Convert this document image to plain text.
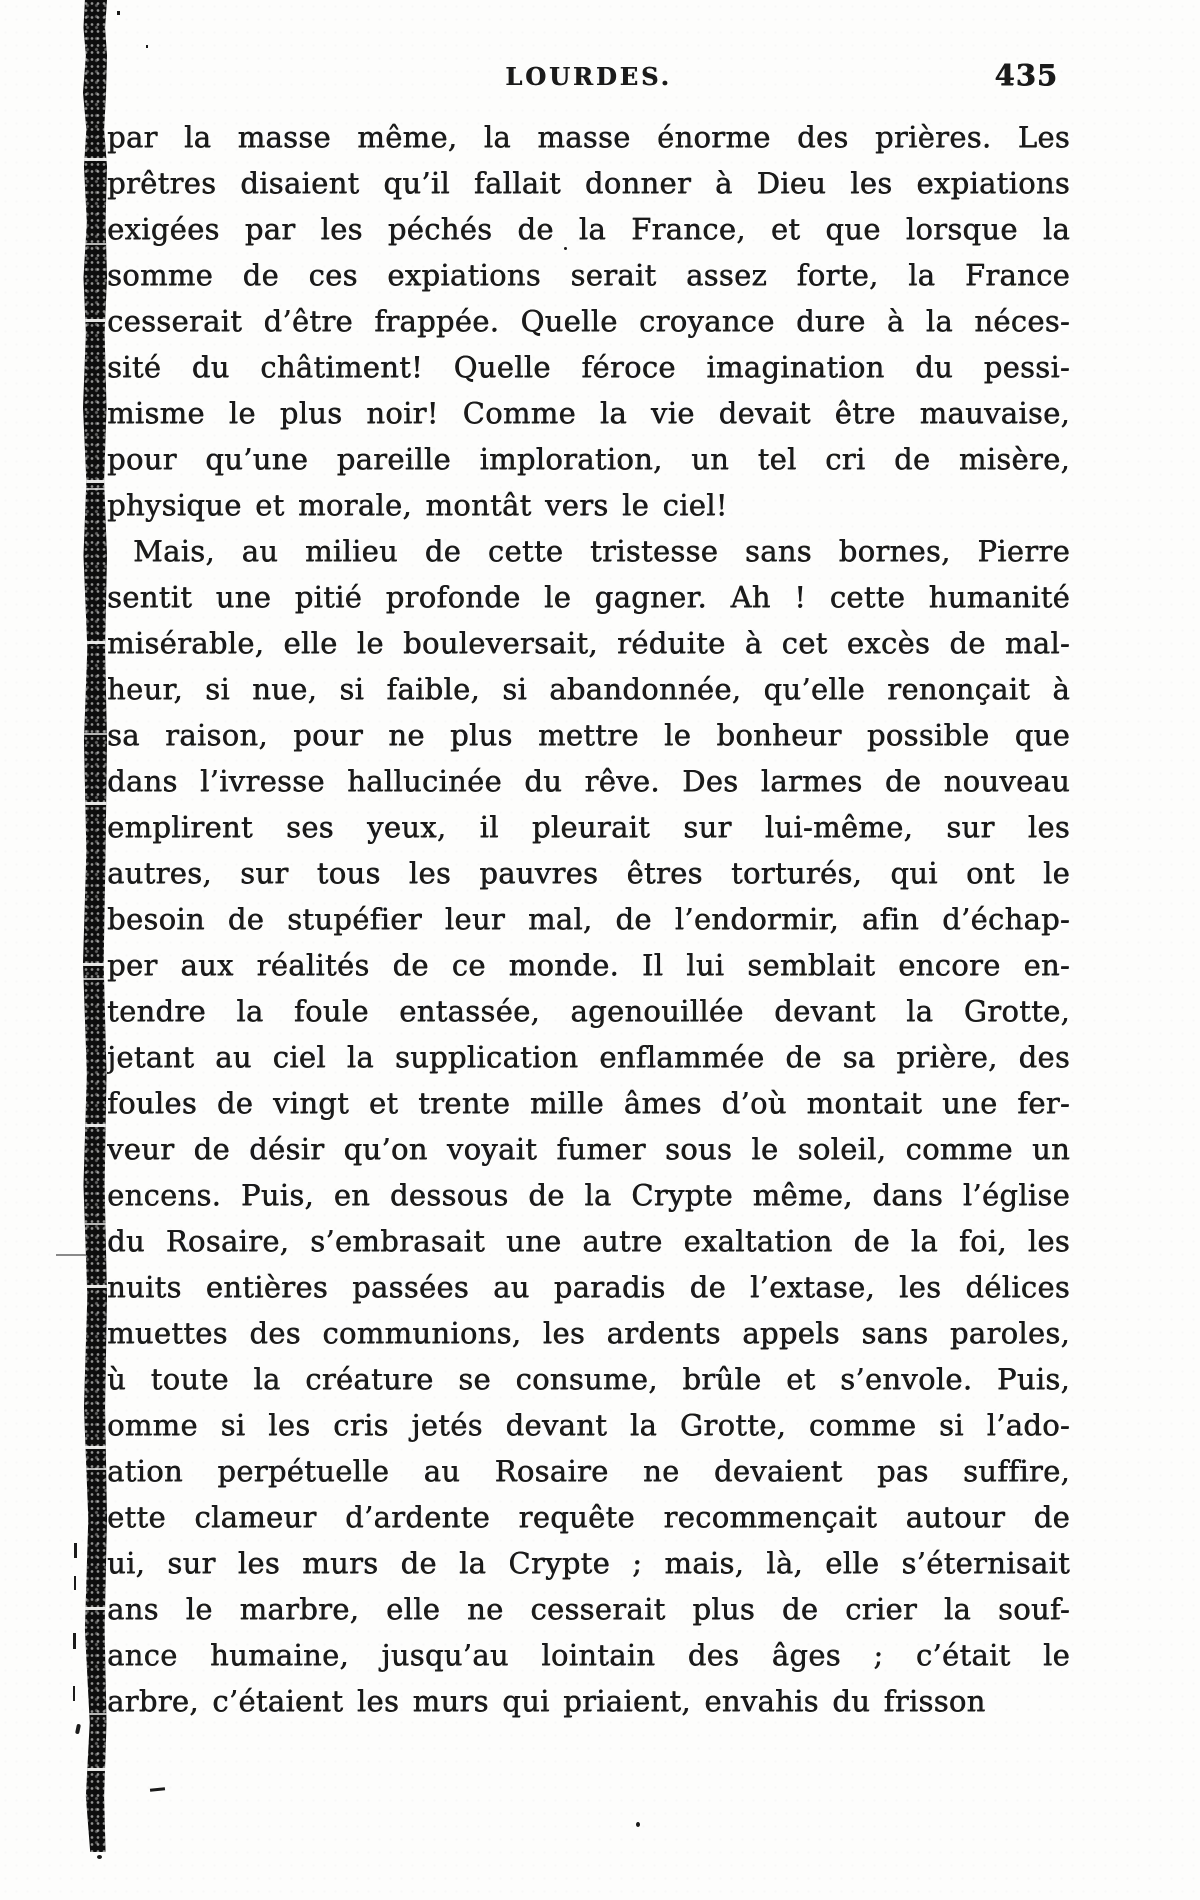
LOURDES.	435
par la masse même, la masse énorme des prières. Les
prêtres disaient qu’il fallait donner à Dieu les expiations
exigées par les péchés de la France, et que lorsque la
somme de ces expiations serait assez forte, la France
cesserait d’être frappée. Quelle croyance dure à la néces-
sité du châtiment! Quelle féroce imagination du pessi-
misme le plus noir! Comme la vie devait être mauvaise,
pour qu’une pareille imploration, un tel cri de misère,
physique et morale, montât vers le ciel!
Mais, au milieu de cette tristesse sans bornes, Pierre
sentit une pitié profonde le gagner. Ah ! cette humanité
misérable, elle le bouleversait, réduite à cet excès de mal-
heur, si nue, si faible, si abandonnée, qu’elle renonçait à
sa raison, pour ne plus mettre le bonheur possible que
dans l’ivresse hallucinée du rêve. Des larmes de nouveau
emplirent ses yeux, il pleurait sur lui-même, sur les
autres, sur tous les pauvres êtres torturés, qui ont le
besoin de stupéfier leur mal, de l’endormir, afin d’échap-
per aux réalités de ce monde. Il lui semblait encore en-
tendre la foule entassée, agenouillée devant la Grotte,
jetant au ciel la supplication enflammée de sa prière, des
foules de vingt et trente mille âmes d’où montait une fer-
veur de désir qu’on voyait fumer sous le soleil, comme un
encens. Puis, en dessous de la Crypte même, dans l’église
du Rosaire, s’embrasait une autre exaltation de la foi, les
nuits entières passées au paradis de l’extase, les délices
muettes des communions, les ardents appels sans paroles,
ù toute la créature se consume, brûle et s’envole. Puis,
omme si les cris jetés devant la Grotte, comme si l’ado-
ation perpétuelle au Rosaire ne devaient pas suffire,
ette clameur d’ardente requête recommençait autour de
ui, sur les murs de la Crypte ; mais, là, elle s’éternisait
ans le marbre, elle ne cesserait plus de crier la souf-
ance humaine, jusqu’au lointain des âges ; c’était le
arbre, c’étaient les murs qui priaient, envahis du frisson
